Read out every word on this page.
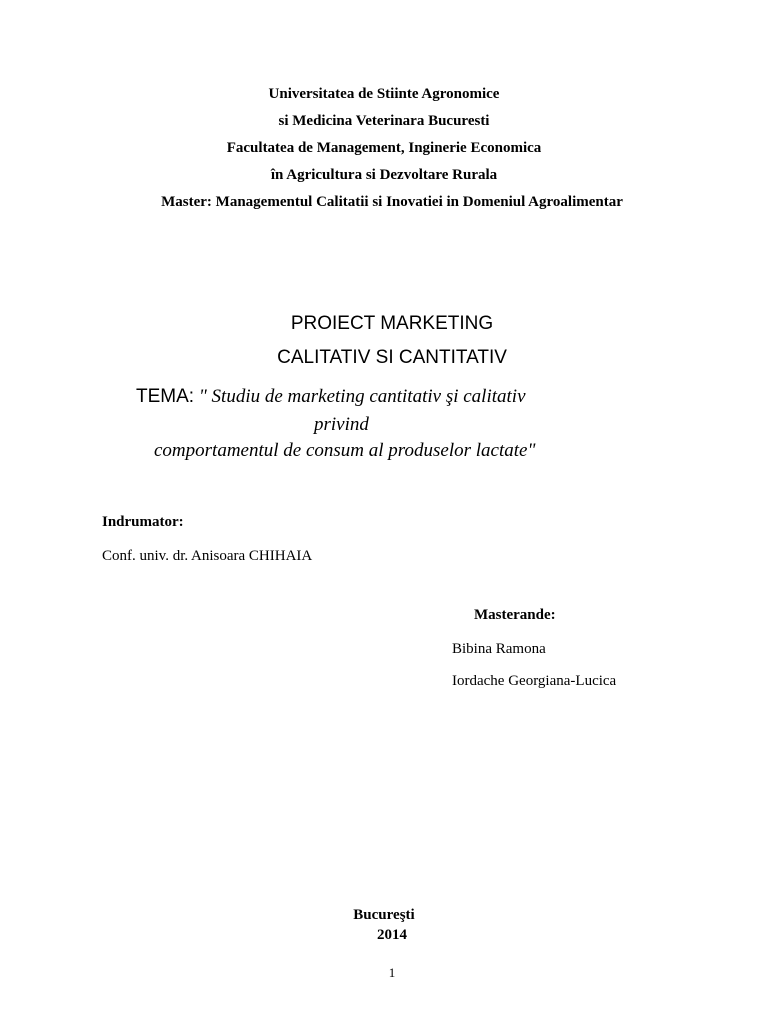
Universitatea de Stiinte Agronomice
si Medicina Veterinara Bucuresti
Facultatea de Management, Inginerie Economica
în Agricultura si Dezvoltare Rurala
Master: Managementul Calitatii si Inovatiei in Domeniul Agroalimentar
PROIECT MARKETING
CALITATIV SI CANTITATIV
TEMA: " Studiu de marketing cantitativ şi calitativ
privind
comportamentul de consum al produselor lactate"
Indrumator:
Conf. univ. dr. Anisoara CHIHAIA
Masterande:
Bibina Ramona
Iordache Georgiana-Lucica
Bucureşti
2014
1
